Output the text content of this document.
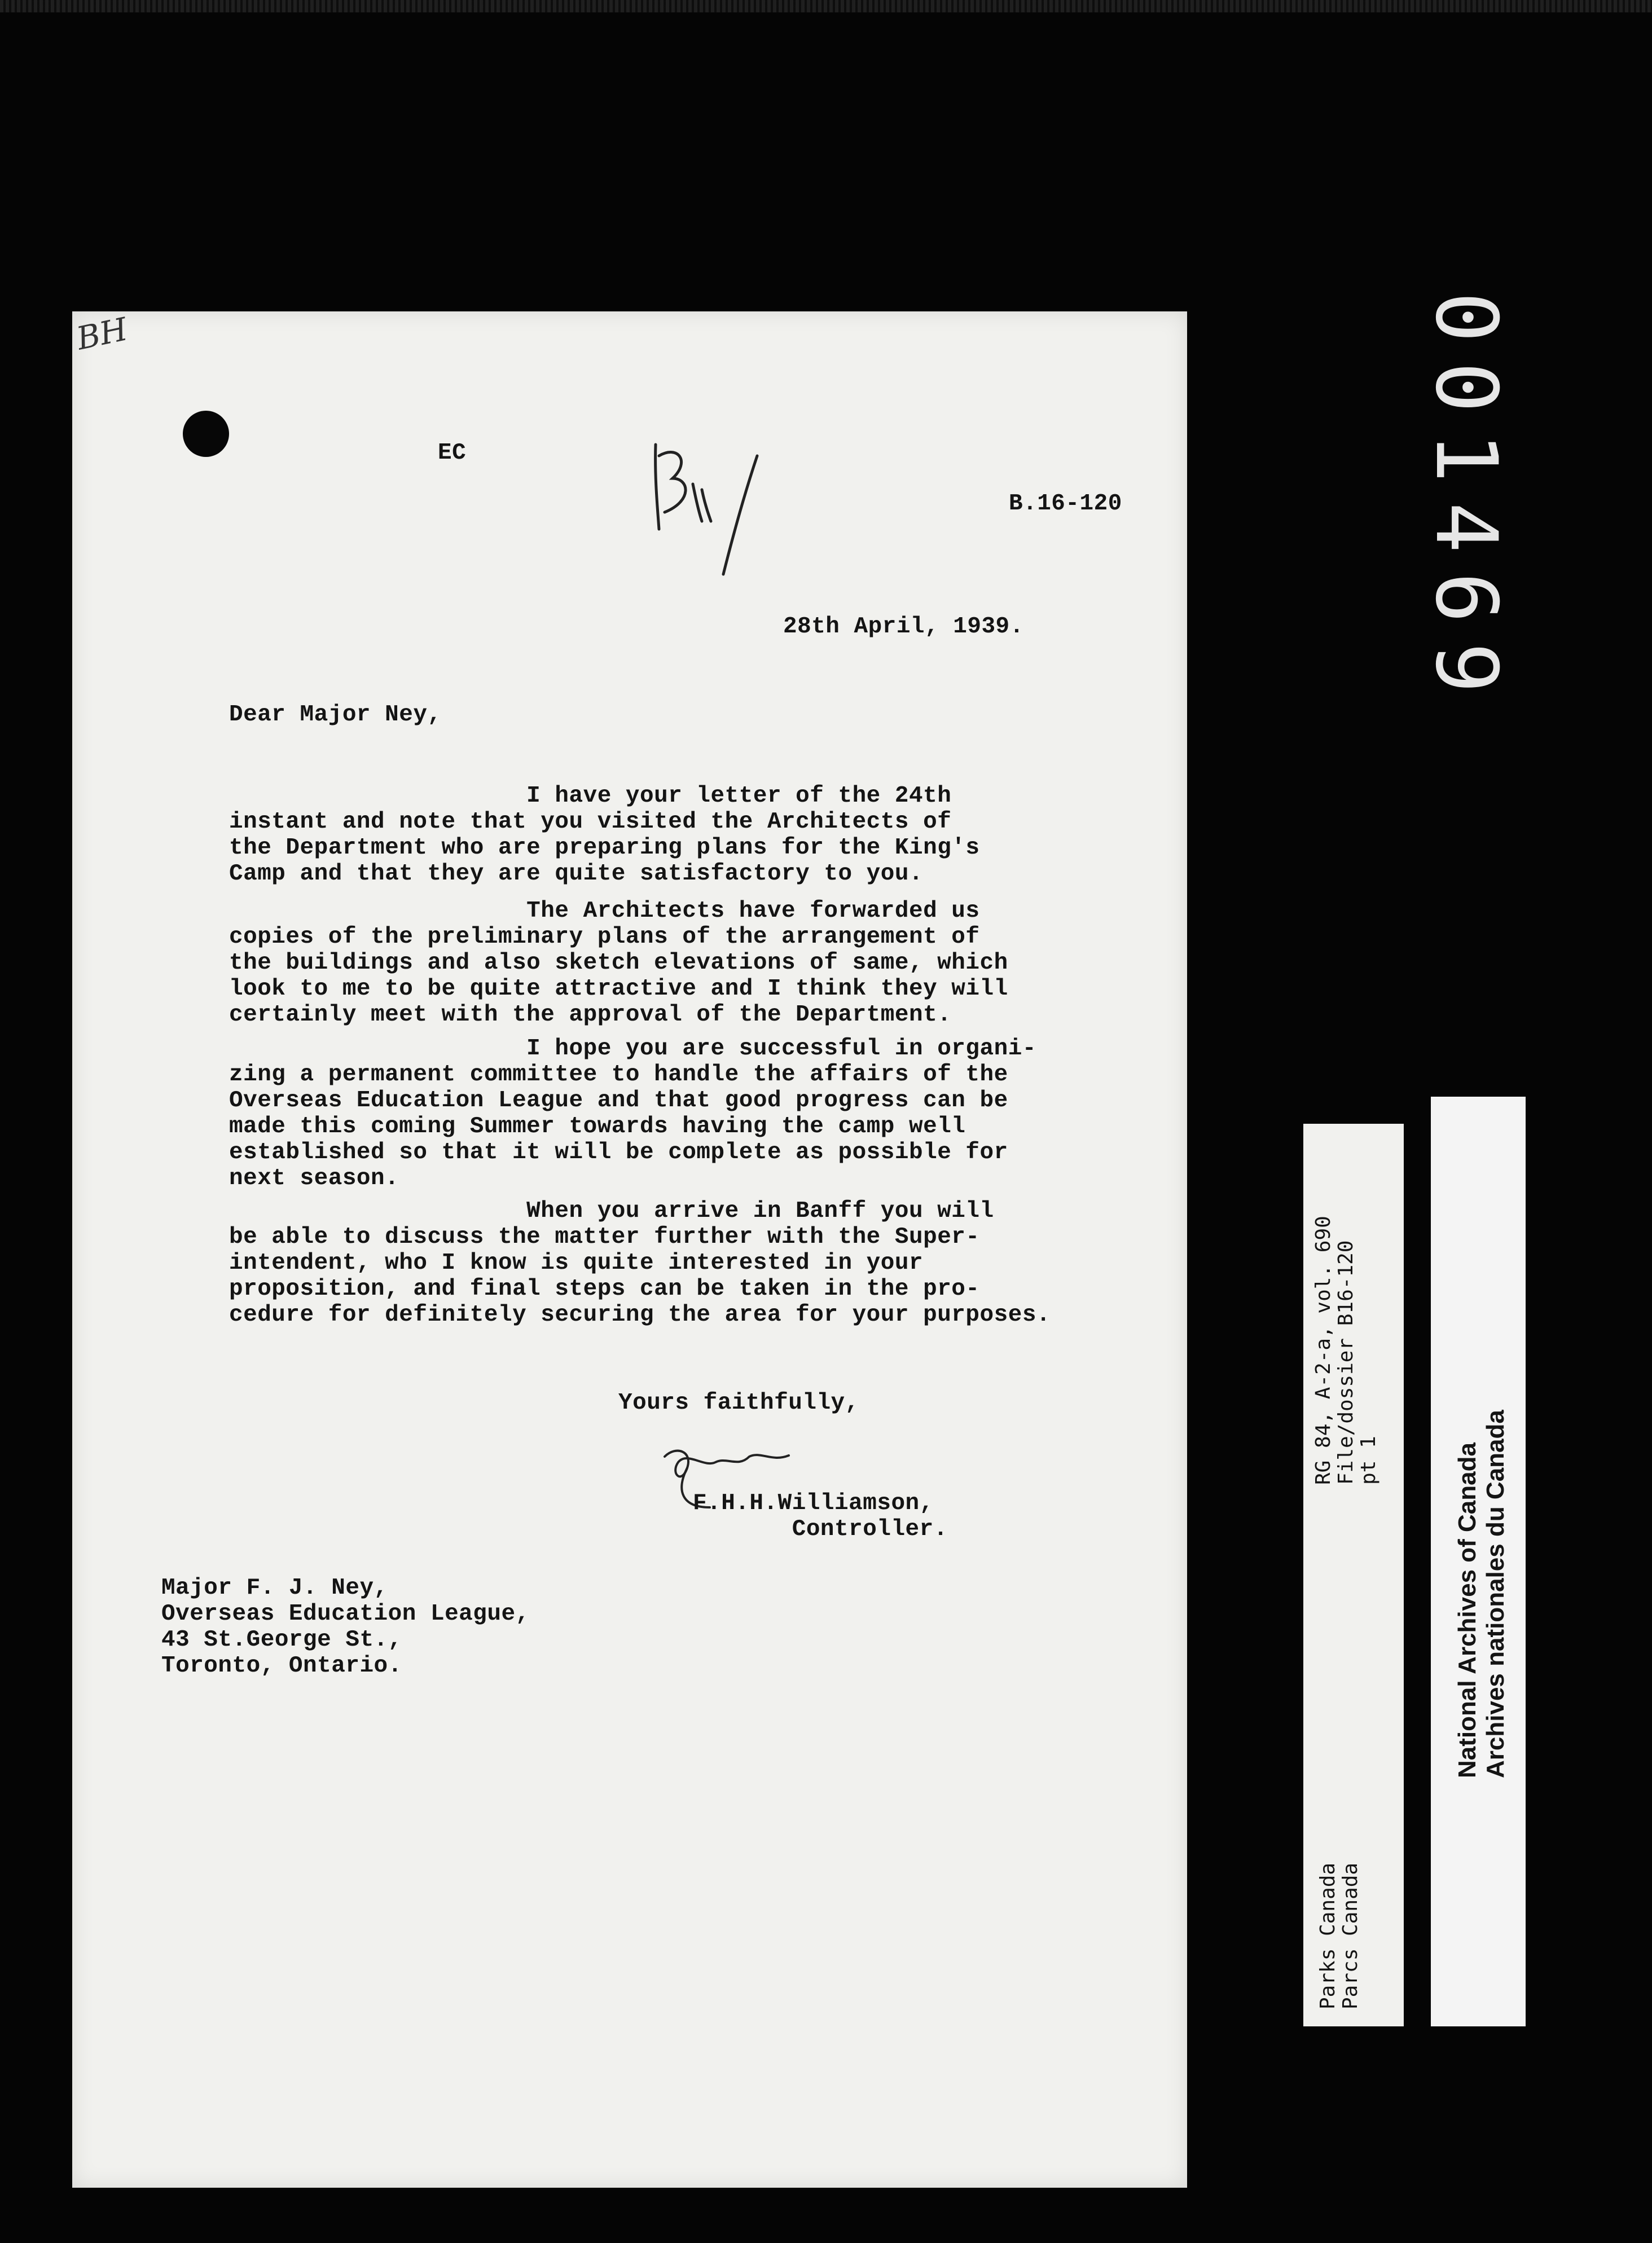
BH

EC

B.16-120

28th April, 1939.

Dear Major Ney,

I have your letter of the 24th
instant and note that you visited the Architects of
the Department who are preparing plans for the King's
Camp and that they are quite satisfactory to you.

The Architects have forwarded us
copies of the preliminary plans of the arrangement of
the buildings and also sketch elevations of same, which
look to me to be quite attractive and I think they will
certainly meet with the approval of the Department.

I hope you are successful in organi-
zing a permanent committee to handle the affairs of the
Overseas Education League and that good progress can be
made this coming Summer towards having the camp well
established so that it will be complete as possible for
next season.

When you arrive in Banff you will
be able to discuss the matter further with the Super-
intendent, who I know is quite interested in your
proposition, and final steps can be taken in the pro-
cedure for definitely securing the area for your purposes.

Yours faithfully,

F.H.H.Williamson,
Controller.

Major F. J. Ney,
Overseas Education League,
43 St.George St.,
Toronto, Ontario.

001469
RG 84, A-2-a, vol. 690 File/dossier B16-120 pt 1
Parks Canada Parcs Canada
National Archives of Canada Archives nationales du Canada
